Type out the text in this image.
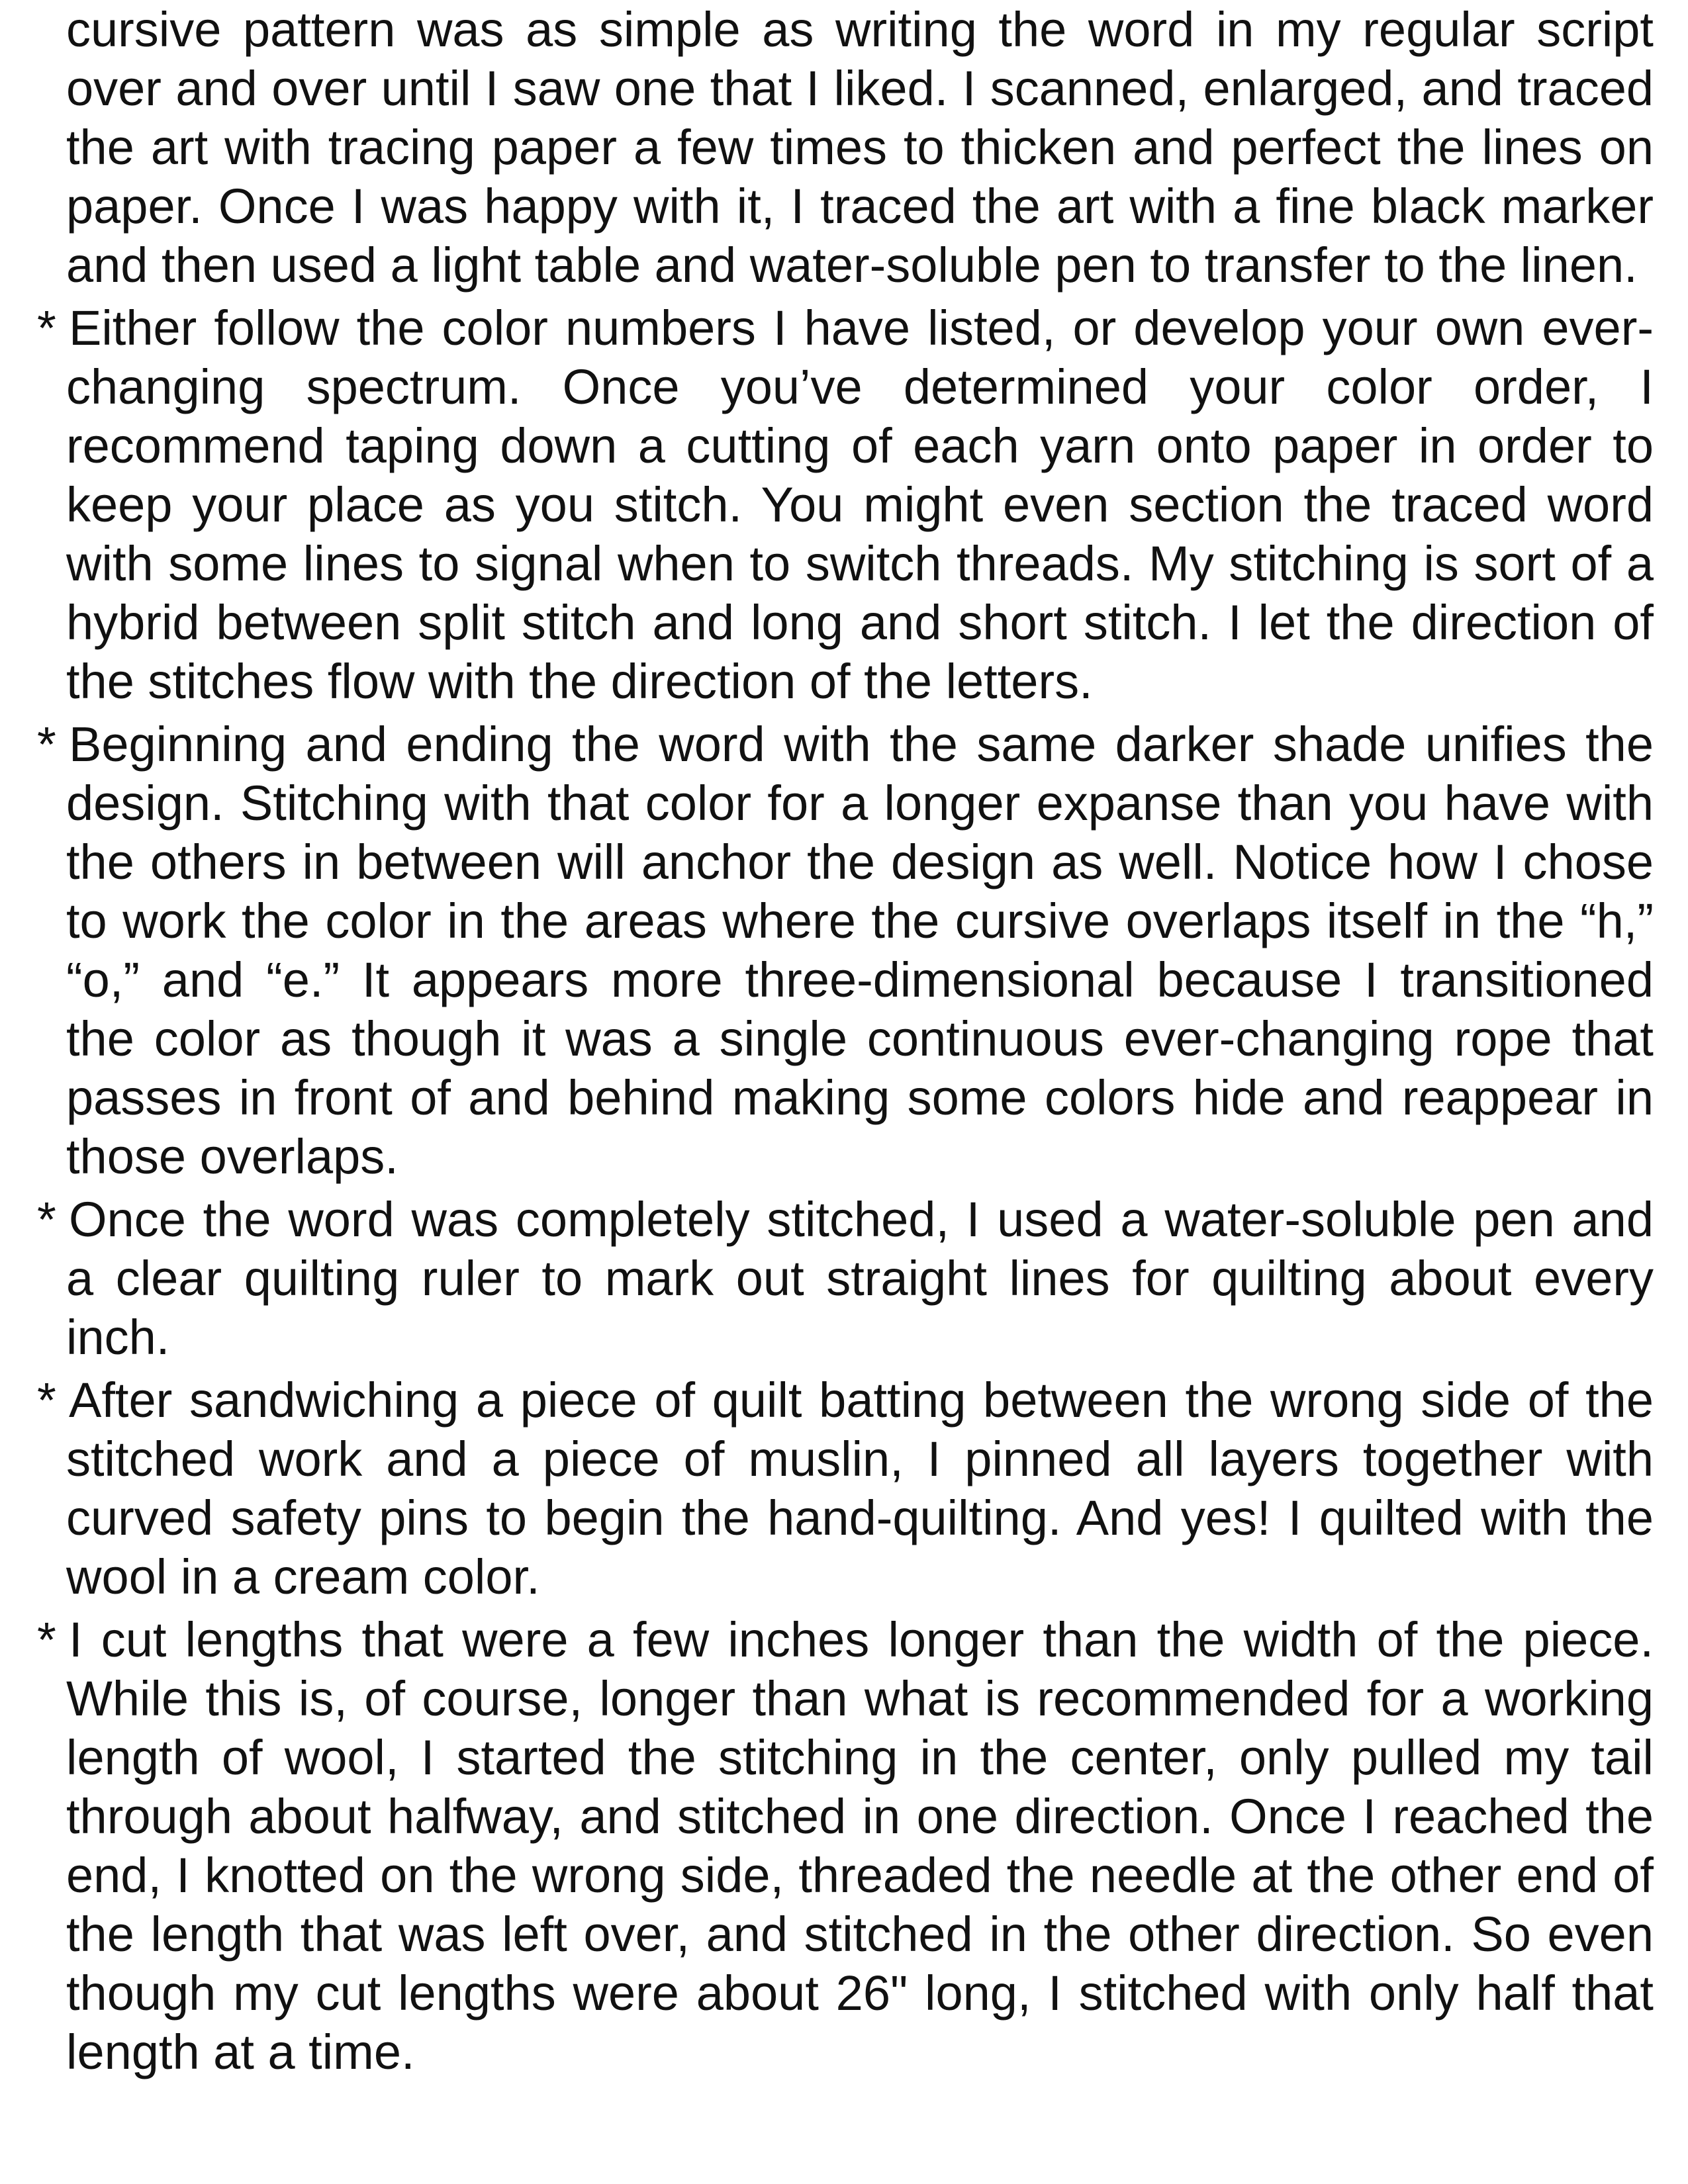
cursive pattern was as simple as writing the word in my regular script over and over until I saw one that I liked. I scanned, enlarged, and traced the art with tracing paper a few times to thicken and perfect the lines on paper. Once I was happy with it, I traced the art with a fine black marker and then used a light table and water-soluble pen to transfer to the linen.

* Either follow the color numbers I have listed, or develop your own ever-changing spectrum. Once you’ve determined your color order, I recommend taping down a cutting of each yarn onto paper in order to keep your place as you stitch. You might even section the traced word with some lines to signal when to switch threads. My stitching is sort of a hybrid between split stitch and long and short stitch. I let the direction of the stitches flow with the direction of the letters.

* Beginning and ending the word with the same darker shade unifies the design. Stitching with that color for a longer expanse than you have with the others in between will anchor the design as well. Notice how I chose to work the color in the areas where the cursive overlaps itself in the “h,” “o,” and “e.” It appears more three-dimensional because I transitioned the color as though it was a single continuous ever-changing rope that passes in front of and behind making some colors hide and reappear in those overlaps.

* Once the word was completely stitched, I used a water-soluble pen and a clear quilting ruler to mark out straight lines for quilting about every inch.

* After sandwiching a piece of quilt batting between the wrong side of the stitched work and a piece of muslin, I pinned all layers together with curved safety pins to begin the hand-quilting. And yes! I quilted with the wool in a cream color.

* I cut lengths that were a few inches longer than the width of the piece. While this is, of course, longer than what is recommended for a working length of wool, I started the stitching in the center, only pulled my tail through about halfway, and stitched in one direction. Once I reached the end, I knotted on the wrong side, threaded the needle at the other end of the length that was left over, and stitched in the other direction. So even though my cut lengths were about 26" long, I stitched with only half that length at a time.
